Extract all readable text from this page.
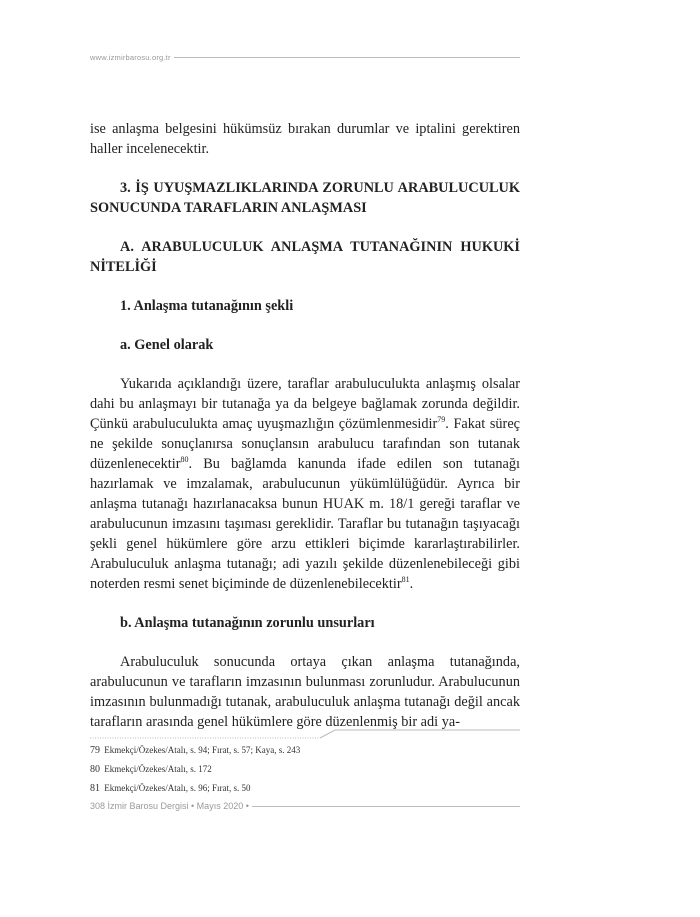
www.izmirbarosu.org.tr

ise anlaşma belgesini hükümsüz bırakan durumlar ve iptalini gerektiren haller incelenecektir.

3. İŞ UYUŞMAZLIKLARINDA ZORUNLU ARABULUCULUK SONUCUNDA TARAFLARIN ANLAŞMASI

A. ARABULUCULUK ANLAŞMA TUTANAĞININ HUKUKİ NİTELİĞİ

1. Anlaşma tutanağının şekli

a. Genel olarak

Yukarıda açıklandığı üzere, taraflar arabuluculukta anlaşmış olsalar dahi bu anlaşmayı bir tutanağa ya da belgeye bağlamak zorunda değildir. Çünkü arabuluculukta amaç uyuşmazlığın çözümlenmesidir$^{79}$. Fakat süreç ne şekilde sonuçlanırsa sonuçlansın arabulucu tarafından son tutanak düzenlenecektir$^{80}$. Bu bağlamda kanunda ifade edilen son tutanağı hazırlamak ve imzalamak, arabulucunun yükümlülüğüdür. Ayrıca bir anlaşma tutanağı hazırlanacaksa bunun HUAK m. 18/1 gereği taraflar ve arabulucunun imzasını taşıması gereklidir. Taraflar bu tutanağın taşıyacağı şekli genel hükümlere göre arzu ettikleri biçimde kararlaştırabilirler. Arabuluculuk anlaşma tutanağı; adi yazılı şekilde düzenlenebileceği gibi noterden resmi senet biçiminde de düzenlenebilecektir$^{81}$.

b. Anlaşma tutanağının zorunlu unsurları

Arabuluculuk sonucunda ortaya çıkan anlaşma tutanağında, arabulucunun ve tarafların imzasının bulunması zorunludur. Arabulucunun imzasının bulunmadığı tutanak, arabuluculuk anlaşma tutanağı değil ancak tarafların arasında genel hükümlere göre düzenlenmiş bir adi ya-

79 Ekmekçi/Özekes/Atalı, s. 94; Fırat, s. 57; Kaya, s. 243

80 Ekmekçi/Özekes/Atalı, s. 172

81 Ekmekçi/Özekes/Atalı, s. 96; Fırat, s. 50

308 İzmir Barosu Dergisi • Mayıs 2020 •
